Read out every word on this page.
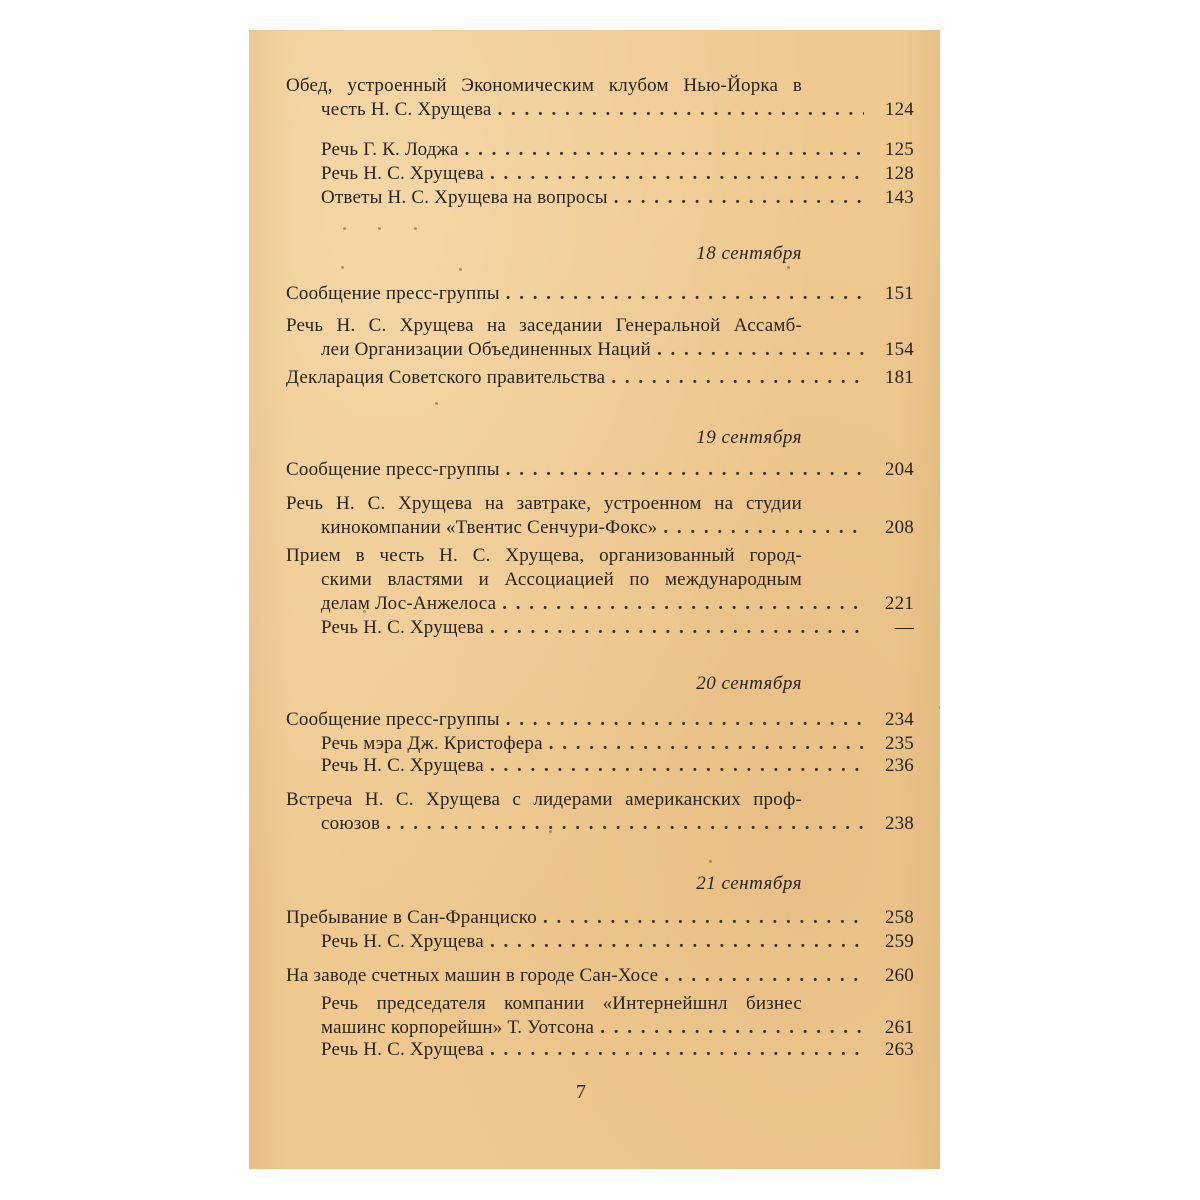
Обед, устроенный Экономическим клубом Нью-Йорка в
честь Н. С. Хрущева . . .	124
Речь Г. К. Лоджа . . .	125
Речь Н. С. Хрущева . . .	128
Ответы Н. С. Хрущева на вопросы . . .	143
18 сентября
Сообщение пресс-группы . . .	151
Речь Н. С. Хрущева на заседании Генеральной Ассамб-
леи Организации Объединенных Наций . . .	154
Декларация Советского правительства . . .	181
19 сентября
Сообщение пресс-группы . . .	204
Речь Н. С. Хрущева на завтраке, устроенном на студии
кинокомпании «Твентис Сенчури-Фокс» . . .	208
Прием в честь Н. С. Хрущева, организованный город-
скими властями и Ассоциацией по международным
делам Лос-Анжелоса . . .	221
Речь Н. С. Хрущева . . .	—
20 сентября
Сообщение пресс-группы . . .	234
Речь мэра Дж. Кристофера . . .	235
Речь Н. С. Хрущева . . .	236
Встреча Н. С. Хрущева с лидерами американских проф-
союзов . . .	238
21 сентября
Пребывание в Сан-Франциско . . .	258
Речь Н. С. Хрущева . . .	259
На заводе счетных машин в городе Сан-Хосе . . .	260
Речь председателя компании «Интернейшнл бизнес
машинс корпорейшн» Т. Уотсона . . .	261
Речь Н. С. Хрущева . . .	263
7
